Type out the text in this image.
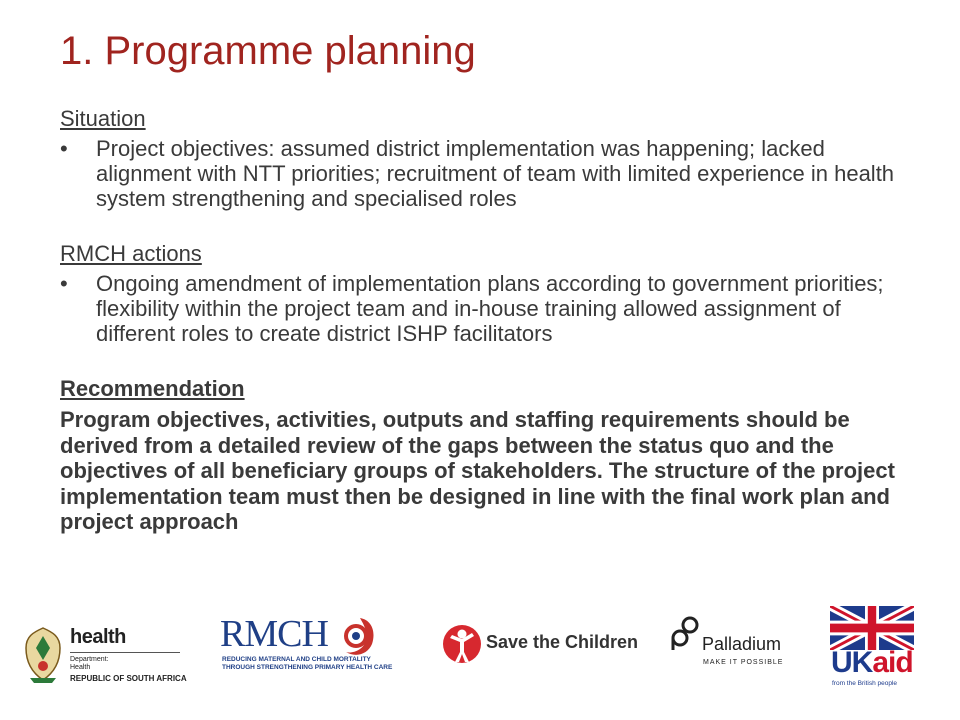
1. Programme planning

Situation

• Project objectives: assumed district implementation was happening; lacked alignment with NTT priorities; recruitment of team with limited experience in health system strengthening and specialised roles

RMCH actions

• Ongoing amendment of implementation plans according to government priorities; flexibility within the project team and in-house training allowed assignment of different roles to create district ISHP facilitators

Recommendation

Program objectives, activities, outputs and staffing requirements should be derived from a detailed review of the gaps between the status quo and the objectives of all beneficiary groups of stakeholders. The structure of the project implementation team must then be designed in line with the final work plan and project approach

health
Department:
Health
REPUBLIC OF SOUTH AFRICA
RMCH
REDUCING MATERNAL AND CHILD MORTALITY
THROUGH STRENGTHENING PRIMARY HEALTH CARE
Save the Children	Palladium
MAKE IT POSSIBLE UKaid
from the British people
